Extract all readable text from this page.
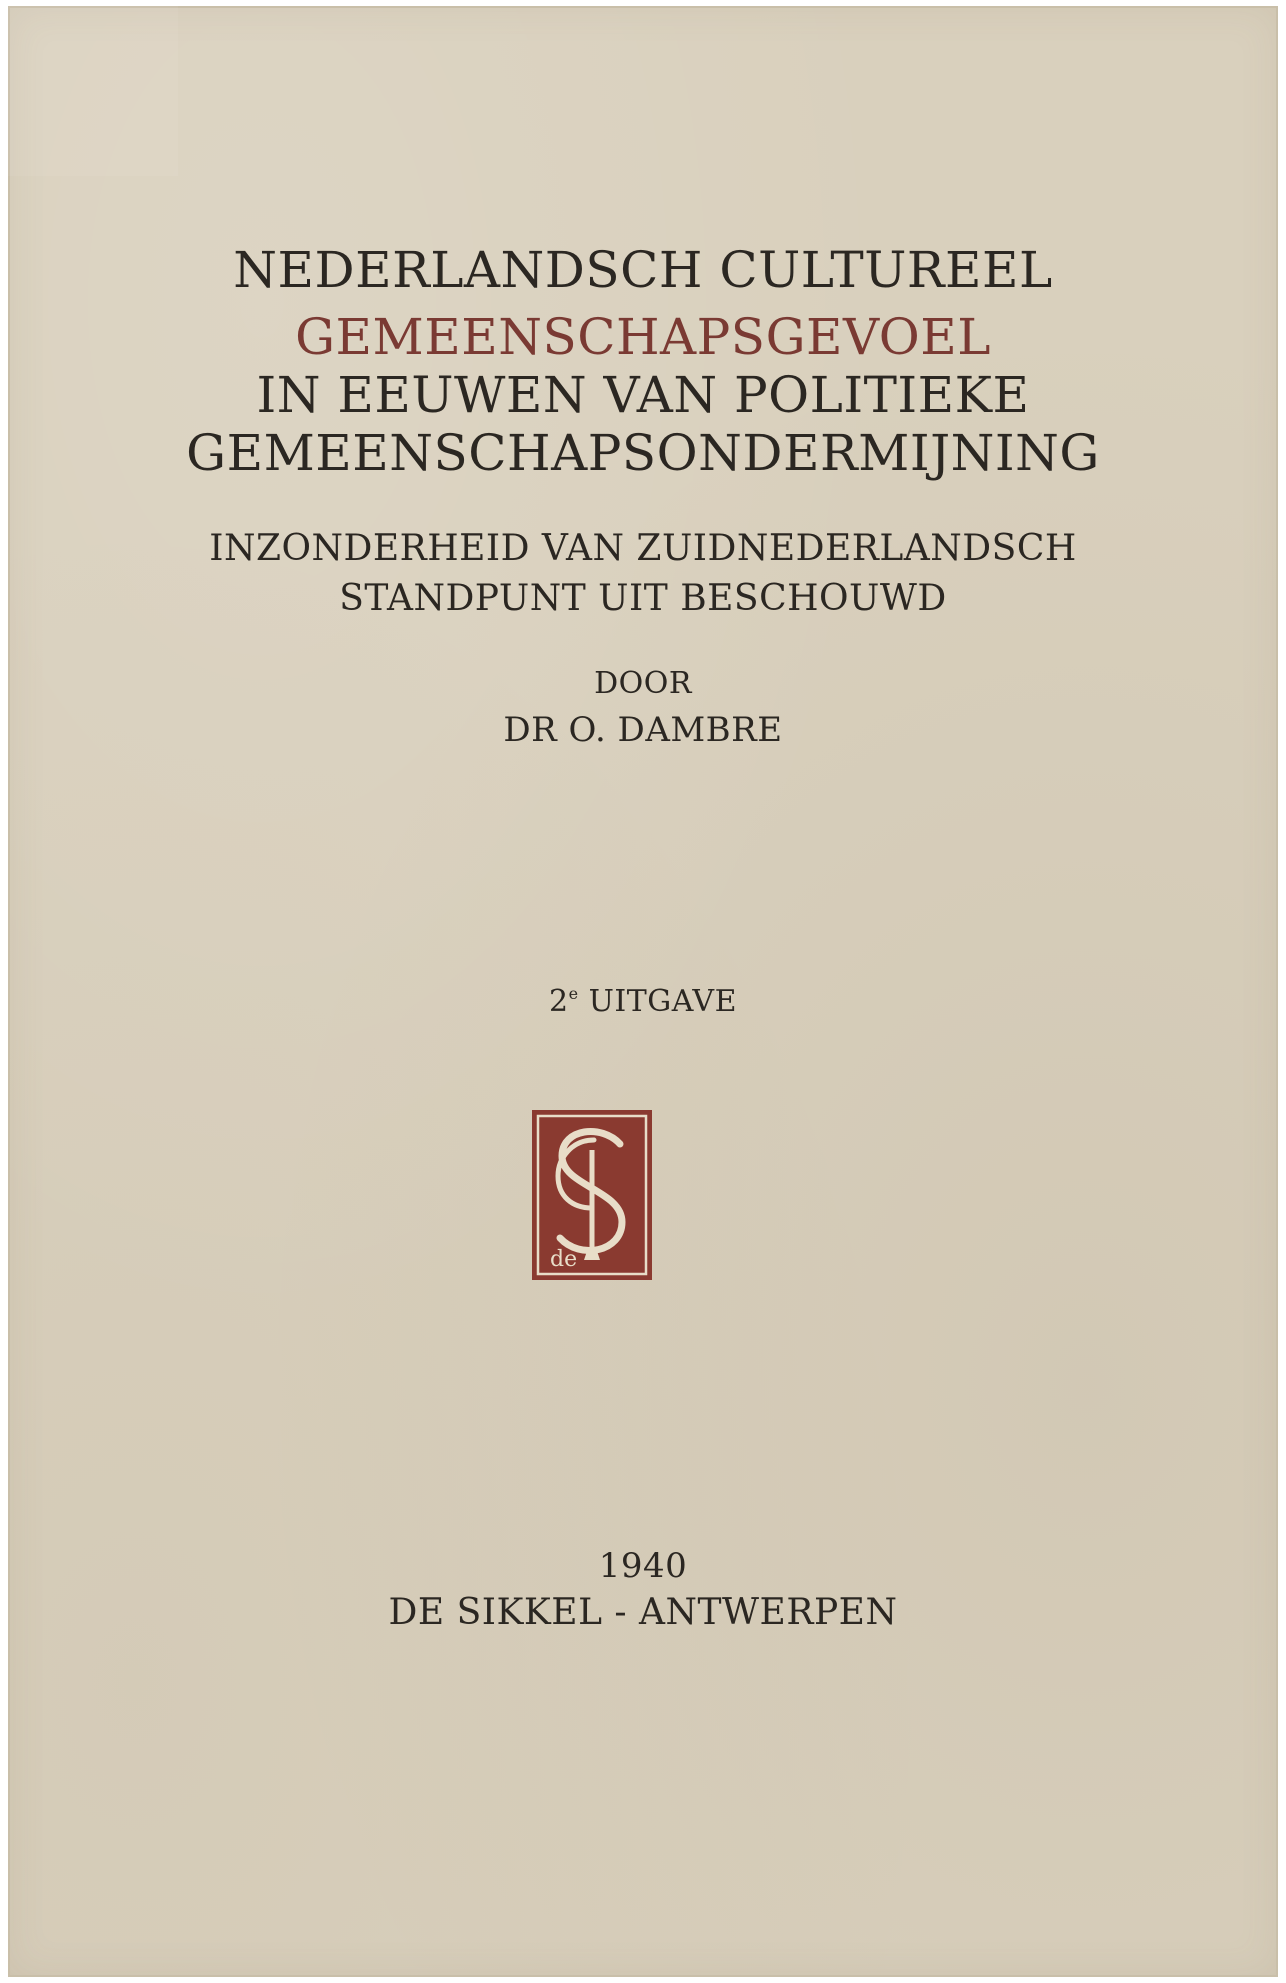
NEDERLANDSCH CULTUREEL
GEMEENSCHAPSGEVOEL
IN EEUWEN VAN POLITIEKE
GEMEENSCHAPSONDERMIJNING
INZONDERHEID VAN ZUIDNEDERLANDSCH
STANDPUNT UIT BESCHOUWD
DOOR
DR O. DAMBRE
2e UITGAVE
de
1940
DE SIKKEL - ANTWERPEN
